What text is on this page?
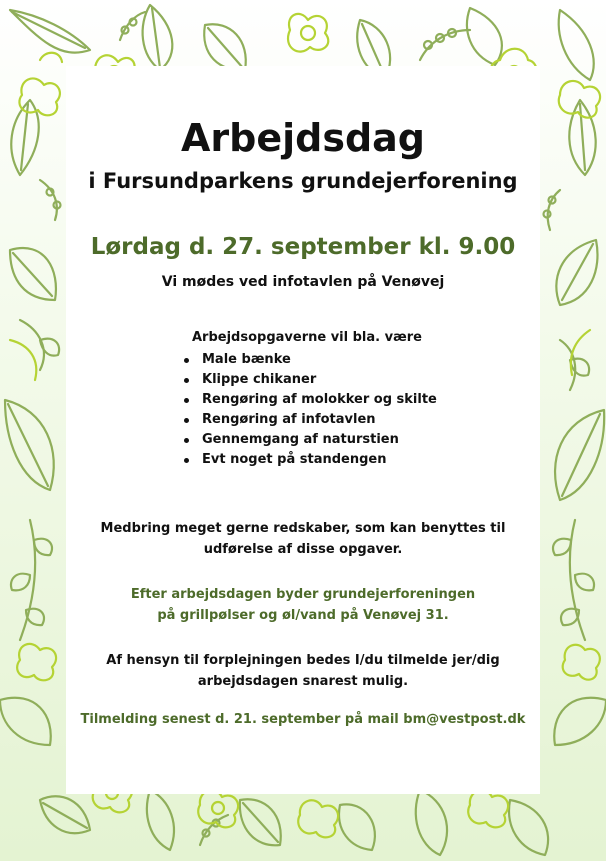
Arbejdsdag
i Fursundparkens grundejerforening

Lørdag d. 27. september kl. 9.00

Vi mødes ved infotavlen på Venøvej

Arbejdsopgaverne vil bla. være

Male bænke
Klippe chikaner
Rengøring af molokker og skilte
Rengøring af infotavlen
Gennemgang af naturstien
Evt noget på standengen

Medbring meget gerne redskaber, som kan benyttes til
udførelse af disse opgaver.

Efter arbejdsdagen byder grundejerforeningen
på grillpølser og øl/vand på Venøvej 31.

Af hensyn til forplejningen bedes I/du tilmelde jer/dig
arbejdsdagen snarest mulig.

Tilmelding senest d. 21. september på mail bm@vestpost.dk
